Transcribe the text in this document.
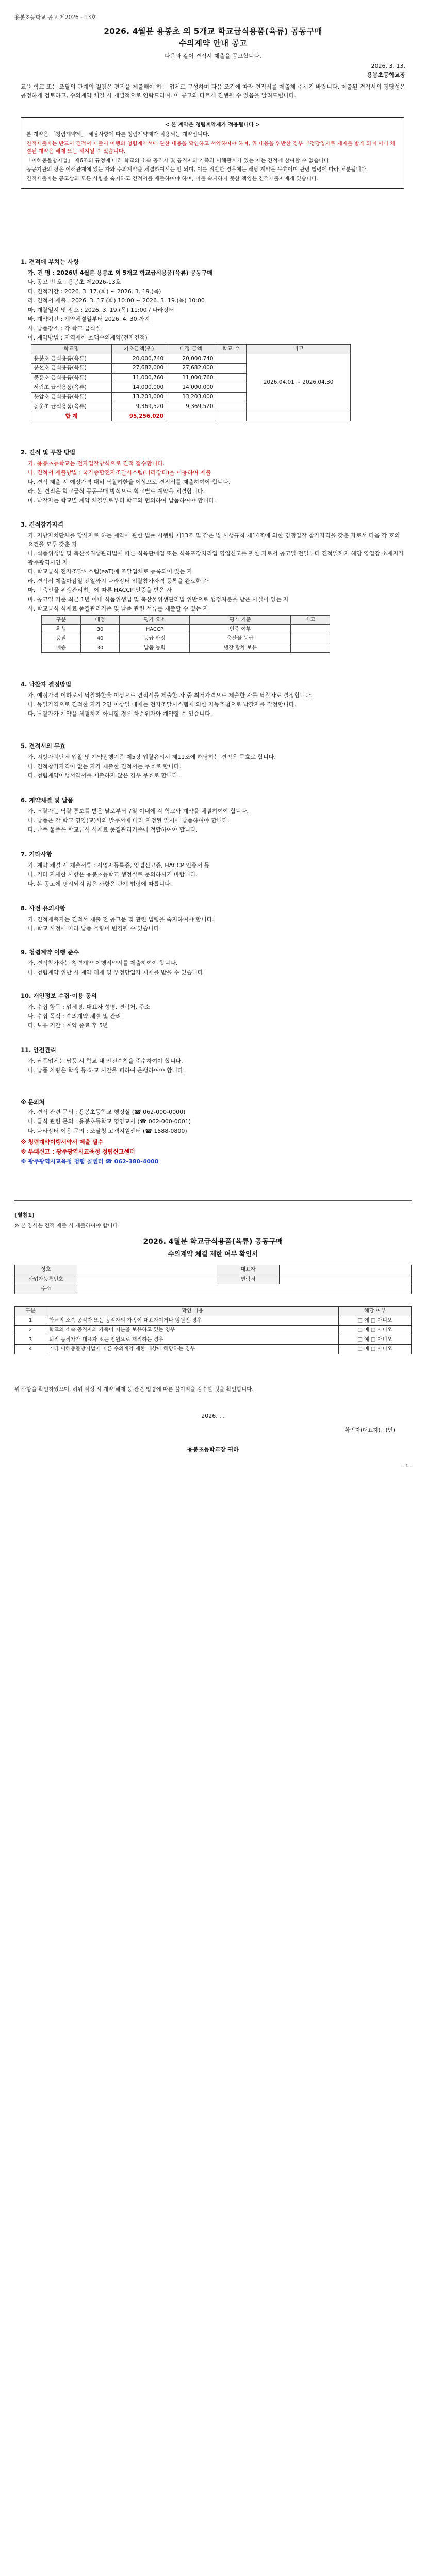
용봉초등학교 공고 제2026 - 13호
2026. 4월분 용봉초 외 5개교 학교급식용품(육류) 공동구매
수의계약 안내 공고
다음과 같이 견적서 제출을 공고합니다.
2026. 3. 13.
용봉초등학교장
교육 학교 또는 조달의 관계의 절점은 견적을 제출해야 하는 업체로 구성하며 다음 조건에 따라 견적서를 제출해 주시기 바랍니다. 제출된 견적서의 정당성은 공정하게 검토하고, 수의계약 체결 시 개별적으로 연락드리며, 이 공고와 다르게 진행될 수 있음을 알려드립니다.
< 본 계약은 청렴계약제가 적용됩니다 >

본 계약은 「청렴계약제」 해당사항에 따른 청렴계약제가 적용되는 계약입니다.

견적제출자는 반드시 견적서 제출시 이행의 청렴계약서에 관한 내용을 확인하고 서약하여야 하며, 위 내용을 위반한 경우 부정당업자로 제재를 받게 되며 이미 체결된 계약은 해제 또는 해지될 수 있습니다.

「이해충돌방지법」 제6조의 규정에 따라 학교의 소속 공직자 및 공직자의 가족과 이해관계가 있는 자는 견적에 참여할 수 없습니다.

공공기관의 장은 이해관계에 있는 자와 수의계약을 체결하여서는 안 되며, 이를 위반한 경우에는 해당 계약은 무효이며 관련 법령에 따라 처분됩니다.

견적제출자는 공고상의 모든 사항을 숙지하고 견적서를 제출하여야 하며, 이를 숙지하지 못한 책임은 견적제출자에게 있습니다.

1. 견적에 부치는 사항

가. 건 명 : 2026년 4월분 용봉초 외 5개교 학교급식용품(육류) 공동구매

나. 공고 번 호 : 용봉초 제2026-13호

다. 견적기간 : 2026. 3. 17.(화) ~ 2026. 3. 19.(목)

라. 견적서 제출 : 2026. 3. 17.(화) 10:00 ~ 2026. 3. 19.(목) 10:00

마. 개찰일시 및 장소 : 2026. 3. 19.(목) 11:00 / 나라장터

바. 계약기간 : 계약체결일부터 2026. 4. 30.까지

사. 납품장소 : 각 학교 급식실

아. 계약방법 : 지역제한 소액수의계약(전자견적)

학교명	기초금액(원)	배정 금액	학교 수	비고
용봉초 급식용품(육류)	20,000,740	20,000,740		2026.04.01 ~ 2026.04.30
봉선초 급식용품(육류)	27,682,000	27,682,000		
문흥초 급식용품(육류)	11,000,760	11,000,760		
서림초 급식용품(육류)	14,000,000	14,000,000		
운암초 급식용품(육류)	13,203,000	13,203,000		
동운초 급식용품(육류)	9,369,520	9,369,520		
합 계	95,256,020			
2. 견적 및 투찰 방법

가. 용봉초등학교는 전자입찰방식으로 견적 접수합니다.

나. 견적서 제출방법 : 국가종합전자조달시스템(나라장터)을 이용하여 제출

다. 견적 제출 시 예정가격 대비 낙찰하한율 이상으로 견적서를 제출하여야 합니다.

라. 본 견적은 학교급식 공동구매 방식으로 학교별로 계약을 체결합니다.

마. 낙찰자는 학교별 계약 체결일로부터 학교와 협의하여 납품하여야 합니다.

3. 견적참가자격

가. 지방자치단체를 당사자로 하는 계약에 관한 법률 시행령 제13조 및 같은 법 시행규칙 제14조에 의한 경쟁입찰 참가자격을 갖춘 자로서 다음 각 호의 요건을 모두 갖춘 자

나. 식품위생법 및 축산물위생관리법에 따른 식육판매업 또는 식육포장처리업 영업신고를 필한 자로서 공고일 전일부터 견적일까지 해당 영업장 소재지가 광주광역시인 자

다. 학교급식 전자조달시스템(eaT)에 조달업체로 등록되어 있는 자

라. 견적서 제출마감일 전일까지 나라장터 입찰참가자격 등록을 완료한 자

마. 「축산물 위생관리법」에 따른 HACCP 인증을 받은 자

바. 공고일 기준 최근 1년 이내 식품위생법 및 축산물위생관리법 위반으로 행정처분을 받은 사실이 없는 자

사. 학교급식 식재료 품질관리기준 및 납품 관련 서류를 제출할 수 있는 자

구분	배점	평가 요소	평가 기준	비고
위생	30	HACCP	인증 여부	
품질	40	등급 판정	축산물 등급	
배송	30	납품 능력	냉장 탑차 보유	
4. 낙찰자 결정방법

가. 예정가격 이하로서 낙찰하한율 이상으로 견적서를 제출한 자 중 최저가격으로 제출한 자를 낙찰자로 결정합니다.

나. 동일가격으로 견적한 자가 2인 이상일 때에는 전자조달시스템에 의한 자동추첨으로 낙찰자를 결정합니다.

다. 낙찰자가 계약을 체결하지 아니할 경우 차순위자와 계약할 수 있습니다.

5. 견적서의 무효

가. 지방자치단체 입찰 및 계약집행기준 제5장 입찰유의서 제11조에 해당하는 견적은 무효로 합니다.

나. 견적참가자격이 없는 자가 제출한 견적서는 무효로 합니다.

다. 청렴계약이행서약서를 제출하지 않은 경우 무효로 합니다.

6. 계약체결 및 납품

가. 낙찰자는 낙찰 통보를 받은 날로부터 7일 이내에 각 학교와 계약을 체결하여야 합니다.

나. 납품은 각 학교 영양(교)사의 발주서에 따라 지정된 일시에 납품하여야 합니다.

다. 납품 물품은 학교급식 식재료 품질관리기준에 적합하여야 합니다.

7. 기타사항

가. 계약 체결 시 제출서류 : 사업자등록증, 영업신고증, HACCP 인증서 등

나. 기타 자세한 사항은 용봉초등학교 행정실로 문의하시기 바랍니다.

다. 본 공고에 명시되지 않은 사항은 관계 법령에 따릅니다.

8. 사전 유의사항

가. 견적제출자는 견적서 제출 전 공고문 및 관련 법령을 숙지하여야 합니다.

나. 학교 사정에 따라 납품 물량이 변경될 수 있습니다.

9. 청렴계약 이행 준수

가. 견적참가자는 청렴계약 이행서약서를 제출하여야 합니다.

나. 청렴계약 위반 시 계약 해제 및 부정당업자 제재를 받을 수 있습니다.

10. 개인정보 수집·이용 동의

가. 수집 항목 : 업체명, 대표자 성명, 연락처, 주소

나. 수집 목적 : 수의계약 체결 및 관리

다. 보유 기간 : 계약 종료 후 5년

11. 안전관리

가. 납품업체는 납품 시 학교 내 안전수칙을 준수하여야 합니다.

나. 납품 차량은 학생 등·하교 시간을 피하여 운행하여야 합니다.

※ 문의처

가. 견적 관련 문의 : 용봉초등학교 행정실 (☎ 062-000-0000)

나. 급식 관련 문의 : 용봉초등학교 영양교사 (☎ 062-000-0001)

다. 나라장터 이용 문의 : 조달청 고객지원센터 (☎ 1588-0800)

※ 청렴계약이행서약서 제출 필수

※ 부패신고 : 광주광역시교육청 청렴신고센터

※ 광주광역시교육청 청렴 콜센터 ☎ 062-380-4000

[별첨1]
※ 본 양식은 견적 제출 시 제출하여야 합니다.
2026. 4월분 학교급식용품(육류) 공동구매
수의계약 체결 제한 여부 확인서
상호		대표자	
사업자등록번호		연락처	
주소			
구분	확인 내용	해당 여부
1	학교의 소속 공직자 또는 공직자의 가족이 대표자이거나 임원인 경우	□ 예 □ 아니오
2	학교의 소속 공직자의 가족이 지분을 보유하고 있는 경우	□ 예 □ 아니오
3	퇴직 공직자가 대표자 또는 임원으로 재직하는 경우	□ 예 □ 아니오
4	기타 이해충돌방지법에 따른 수의계약 제한 대상에 해당하는 경우	□ 예 □ 아니오
위 사항을 확인하였으며, 허위 작성 시 계약 해제 등 관련 법령에 따른 불이익을 감수할 것을 확인합니다.
2026. . .
확인자(대표자) : (인)
용봉초등학교장 귀하
- 1 -
